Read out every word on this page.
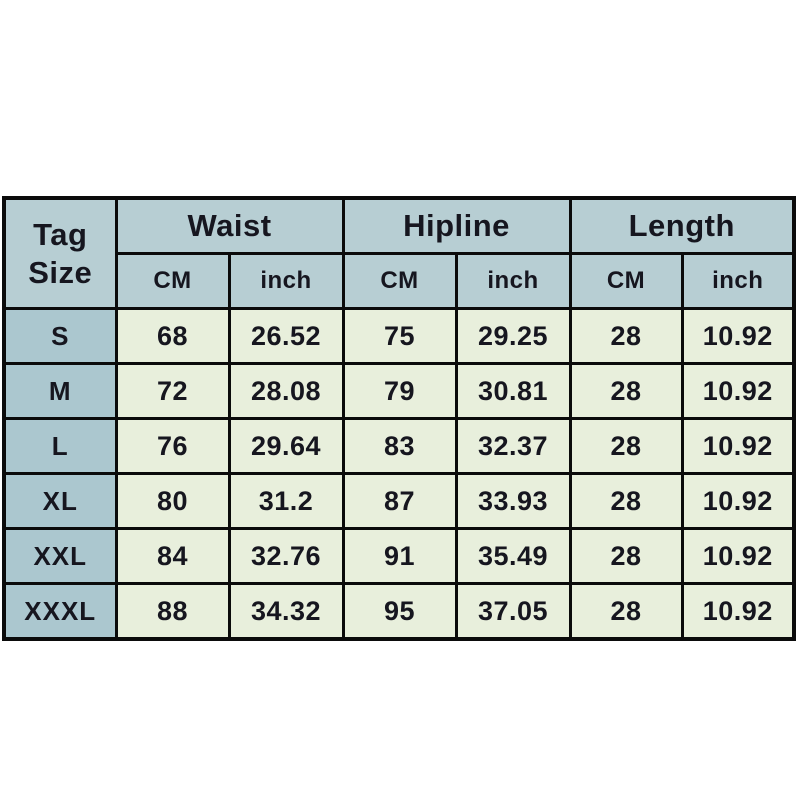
Tag
Size	Waist		Hipline		Length	
	CM	inch	CM	inch	CM	inch
S	68	26.52	75	29.25	28	10.92
M	72	28.08	79	30.81	28	10.92
L	76	29.64	83	32.37	28	10.92
XL	80	31.2	87	33.93	28	10.92
XXL	84	32.76	91	35.49	28	10.92
XXXL	88	34.32	95	37.05	28	10.92
